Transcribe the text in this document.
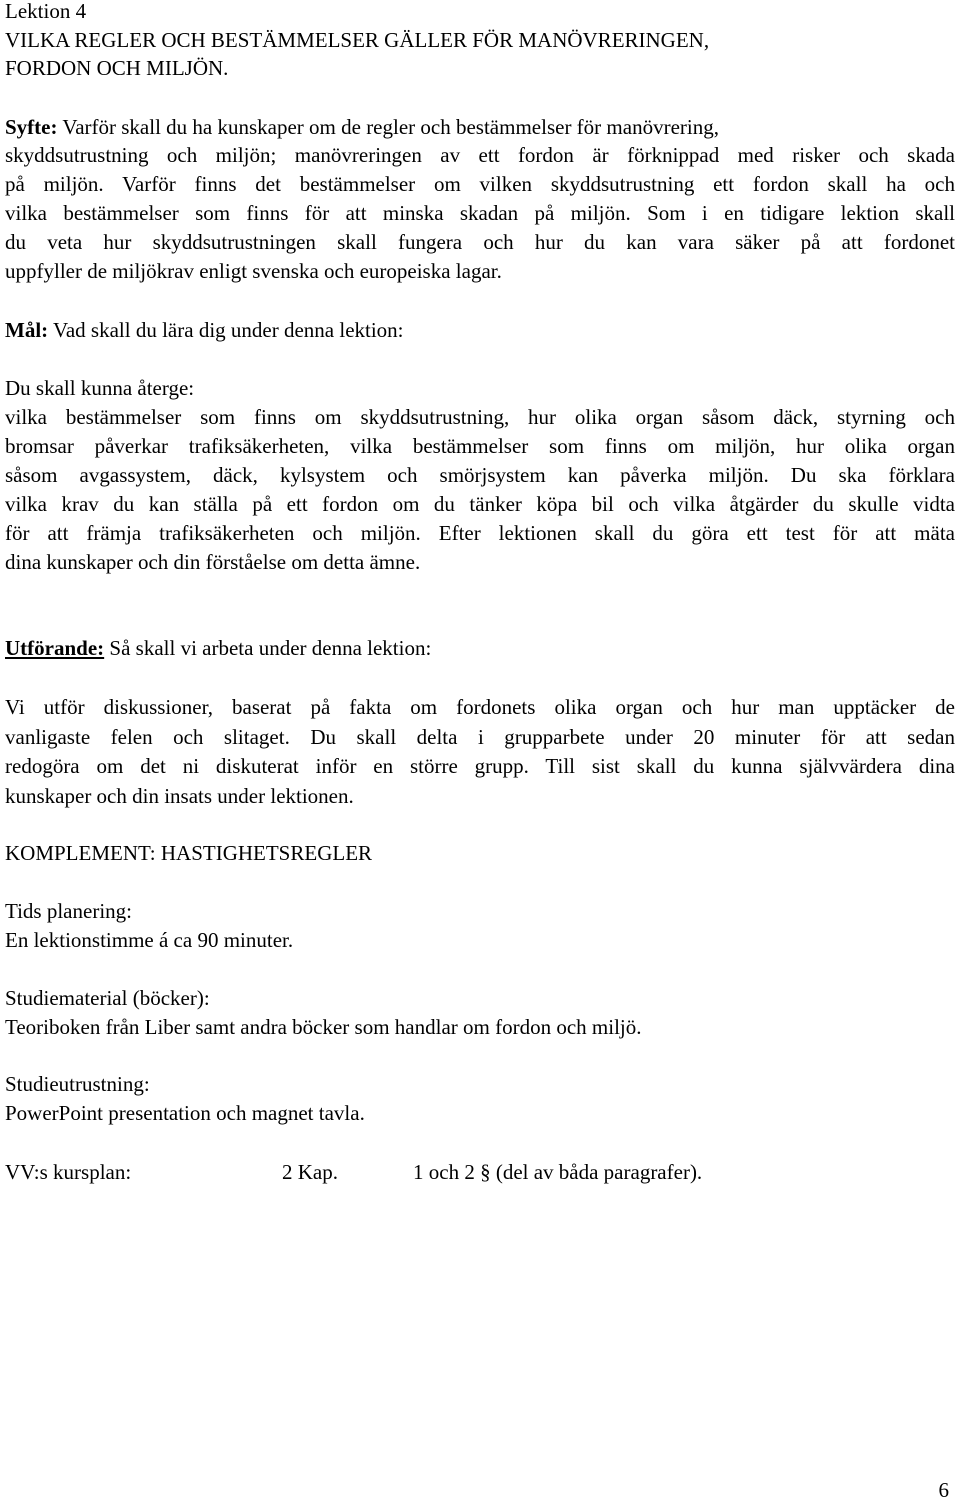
Lektion 4
VILKA REGLER OCH BESTÄMMELSER GÄLLER FÖR MANÖVRERINGEN,
FORDON OCH MILJÖN.
Syfte: Varför skall du ha kunskaper om de regler och bestämmelser för manövrering,
skyddsutrustning och miljön; manövreringen av ett fordon är förknippad med risker och skada
på miljön. Varför finns det bestämmelser om vilken skyddsutrustning ett fordon skall ha och
vilka bestämmelser som finns för att minska skadan på miljön. Som i en tidigare lektion skall
du veta hur skyddsutrustningen skall fungera och hur du kan vara säker på att fordonet
uppfyller de miljökrav enligt svenska och europeiska lagar.
Mål: Vad skall du lära dig under denna lektion:
Du skall kunna återge:
vilka bestämmelser som finns om skyddsutrustning, hur olika organ såsom däck, styrning och
bromsar påverkar trafiksäkerheten, vilka bestämmelser som finns om miljön, hur olika organ
såsom avgassystem, däck, kylsystem och smörjsystem kan påverka miljön. Du ska förklara
vilka krav du kan ställa på ett fordon om du tänker köpa bil och vilka åtgärder du skulle vidta
för att främja trafiksäkerheten och miljön. Efter lektionen skall du göra ett test för att mäta
dina kunskaper och din förståelse om detta ämne.
Utförande: Så skall vi arbeta under denna lektion:
Vi utför diskussioner, baserat på fakta om fordonets olika organ och hur man upptäcker de
vanligaste felen och slitaget. Du skall delta i grupparbete under 20 minuter för att sedan
redogöra om det ni diskuterat inför en större grupp. Till sist skall du kunna självvärdera dina
kunskaper och din insats under lektionen.
KOMPLEMENT: HASTIGHETSREGLER
Tids planering:
En lektionstimme á ca 90 minuter.
Studiematerial (böcker):
Teoriboken från Liber samt andra böcker som handlar om fordon och miljö.
Studieutrustning:
PowerPoint presentation och magnet tavla.
VV:s kursplan:	2 Kap.	1 och 2 § (del av båda paragrafer).
6
